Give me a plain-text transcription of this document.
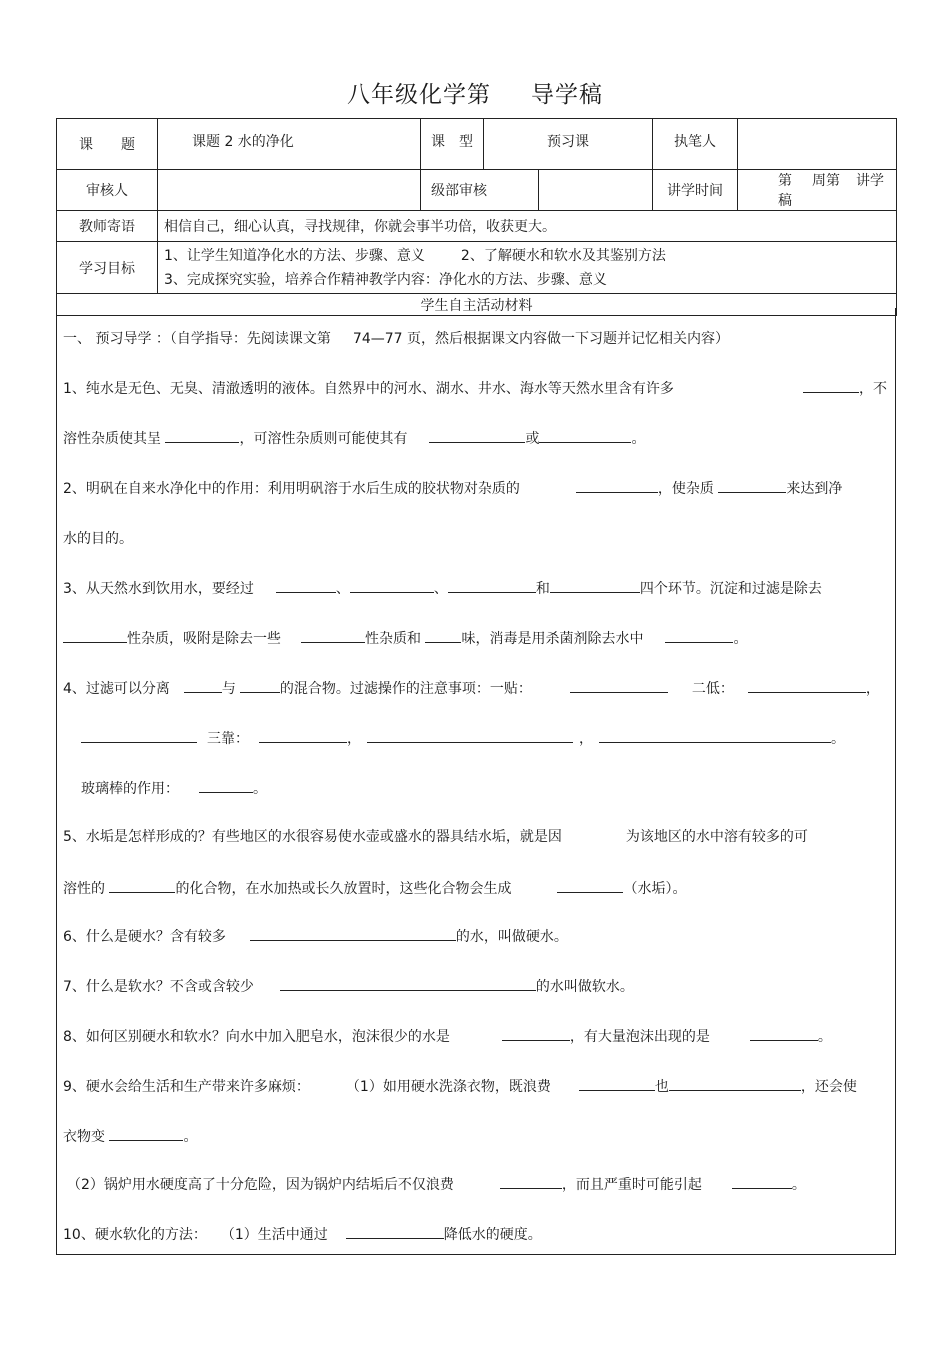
八年级化学第 导学稿
课　　题	课题 2 水的净化	课　型	预习课		执笔人	
审核人		级部审核			讲学时间	第 周第 讲学稿
教师寄语	相信自己，细心认真，寻找规律，你就会事半功倍，收获更大。					
学习目标	1、让学生知道净化水的方法、步骤、意义 2、了解硬水和软水及其鉴别方法
3、完成探究实验，培养合作精神教学内容：净化水的方法、步骤、意义					

学生自主活动材料						
一、 预习导学 ：（自学指导：先阅读课文第 74—77 页，然后根据课文内容做一下习题并记忆相关内容）
1、纯水是无色、无臭、清澈透明的液体。自然界中的河水、湖水、井水、海水等天然水里含有许多	，不
溶性杂质使其呈	，可溶性杂质则可能使其有	或	。
2、明矾在自来水净化中的作用：利用明矾溶于水后生成的胶状物对杂质的	，使杂质	来达到净
水的目的。
3、从天然水到饮用水，要经过	、	、	和	四个环节。沉淀和过滤是除去
性杂质，吸附是除去一些	性杂质和	味，消毒是用杀菌剂除去水中	。
4、过滤可以分离	与	的混合物。过滤操作的注意事项：一贴：	二低：	，
三靠：	，	，	。
玻璃棒的作用：	。
5、水垢是怎样形成的？有些地区的水很容易使水壶或盛水的器具结水垢，就是因	为该地区的水中溶有较多的可
溶性的	的化合物，在水加热或长久放置时，这些化合物会生成	（水垢）。
6、什么是硬水？含有较多	的水，叫做硬水。
7、什么是软水？不含或含较少	的水叫做软水。
8、如何区别硬水和软水？向水中加入肥皂水，泡沫很少的水是	，有大量泡沫出现的是	。
9、硬水会给生活和生产带来许多麻烦：	（1）如用硬水洗涤衣物，既浪费	也	，还会使
衣物变	。
（2）锅炉用水硬度高了十分危险，因为锅炉内结垢后不仅浪费	，而且严重时可能引起	。
10、硬水软化的方法： （1）生活中通过	降低水的硬度。
